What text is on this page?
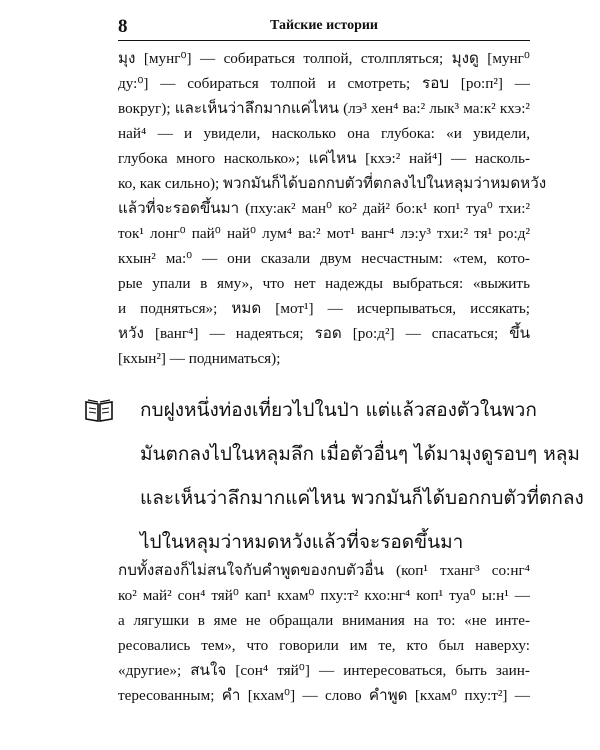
8	Тайские истории
มุง [мунг⁰] — собираться толпой, столпляться; มุงดู [мунг⁰
ду:⁰] — собираться толпой и смотреть; รอบ [ро:п²] —
вокруг); และเห็นว่าลึกมากแค่ไหน (лэ³ хен⁴ ва:² лык³ ма:к² кхэ:²
най⁴ — и увидели, насколько она глубока: «и увидели,
глубока много насколько»; แค่ไหน [кхэ:² най⁴] — насколь-
ко, как сильно); พวกมันก็ได้บอกกบตัวที่ตกลงไปในหลุมว่าหมดหวัง
แล้วที่จะรอดขึ้นมา (пху:ак² ман⁰ ко² дай² бо:к¹ коп¹ туа⁰ тхи:²
ток¹ лонг⁰ пай⁰ най⁰ лум⁴ ва:² мот¹ ванг⁴ лэ:у³ тхи:² тя¹ ро:д²
кхын² ма:⁰ — они сказали двум несчастным: «тем, кото-
рые упали в яму», что нет надежды выбраться: «выжить
и подняться»; หมด [мот¹] — исчерпываться, иссякать;
หวัง [ванг⁴] — надеяться; รอด [ро:д²] — спасаться; ขึ้น
[кхын²] — подниматься);
กบฝูงหนึ่งท่องเที่ยวไปในป่า แต่แล้วสองตัวในพวก
มันตกลงไปในหลุมลึก เมื่อตัวอื่นๆ ได้มามุงดูรอบๆ หลุม
และเห็นว่าลึกมากแค่ไหน พวกมันก็ได้บอกกบตัวที่ตกลง
ไปในหลุมว่าหมดหวังแล้วที่จะรอดขึ้นมา
กบทั้งสองก็ไม่สนใจกับคำพูดของกบตัวอื่น (коп¹ тханг³ со:нг⁴
ко² май² сон⁴ тяй⁰ кап¹ кхам⁰ пху:т² кхо:нг⁴ коп¹ туа⁰ ы:н¹ —
а лягушки в яме не обращали внимания на то: «не инте-
ресовались тем», что говорили им те, кто был наверху:
«другие»; สนใจ [сон⁴ тяй⁰] — интересоваться, быть заин-
тересованным; คำ [кхам⁰] — слово คำพูด [кхам⁰ пху:т²] —
